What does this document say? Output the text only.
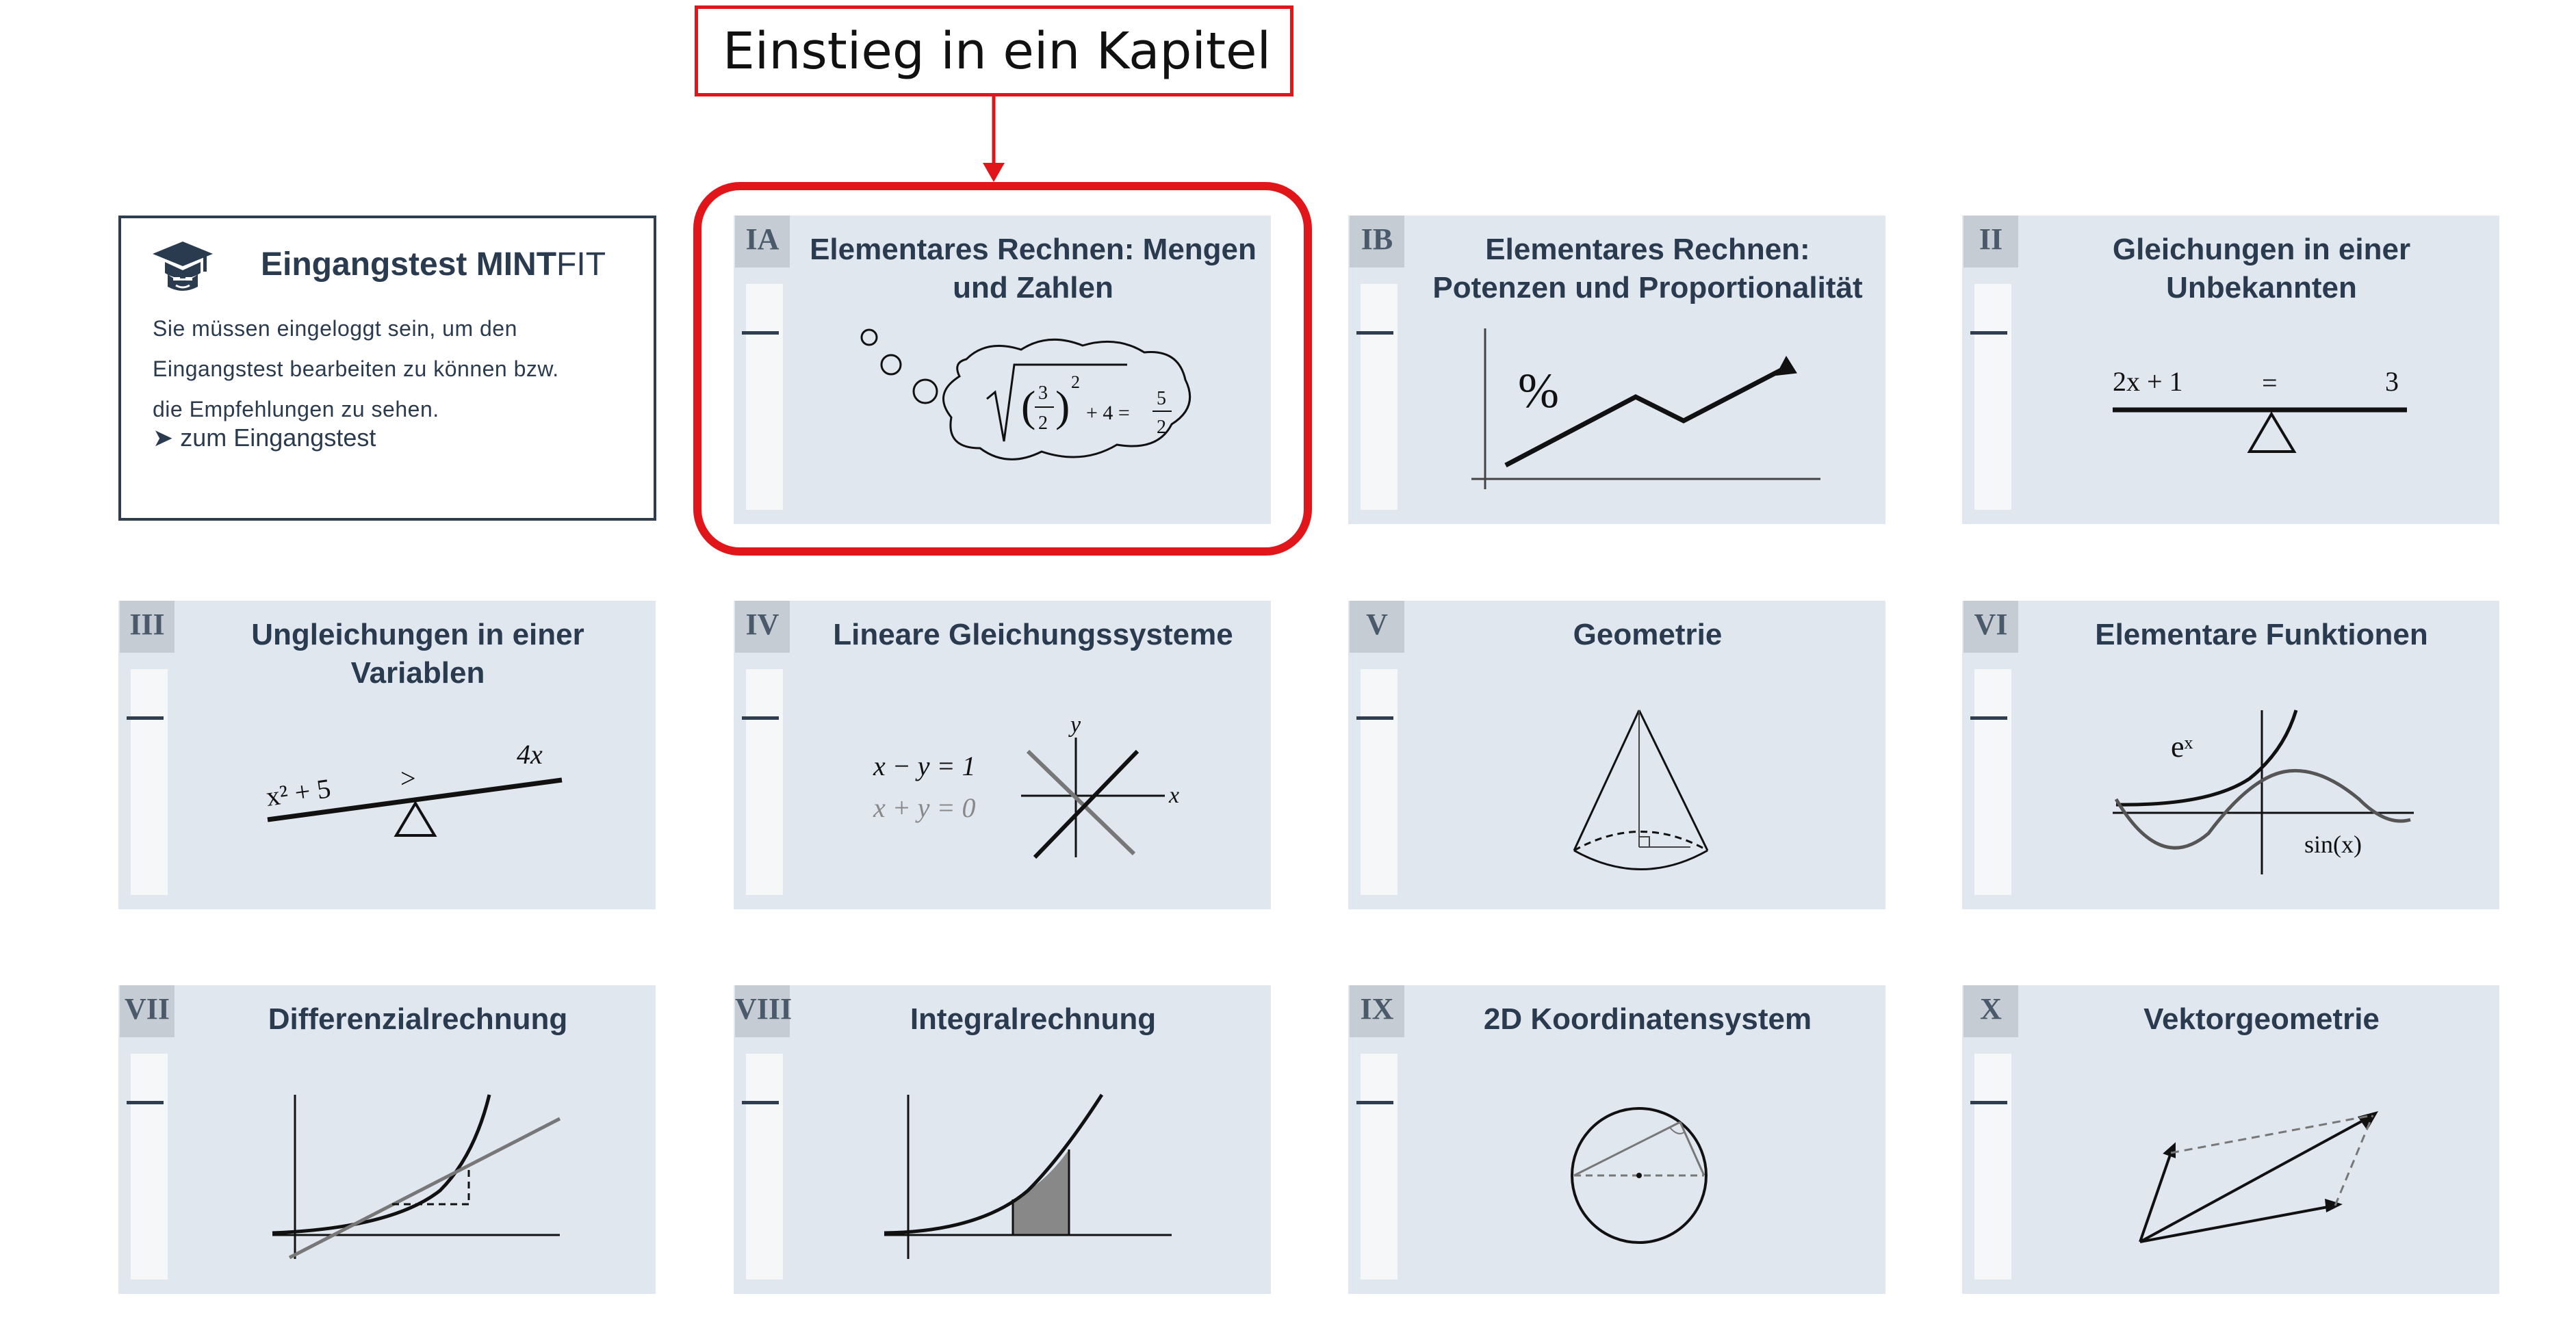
Einstieg in ein Kapitel
Eingangstest MINTFIT
Sie müssen eingeloggt sein, um den
Eingangstest bearbeiten zu können bzw.
die Empfehlungen zu sehen.
➤ zum Eingangstest
IA	Elementares Rechnen: Mengen und Zahlen
( 3
2 ) 2
+ 4 =
5
2
IB	Elementares Rechnen: Potenzen und Proportionalität
%
II	Gleichungen in einer Unbekannten
2x + 1	=	3
III	Ungleichungen in einer Variablen
x² + 5 >
4x
IV	Lineare Gleichungssysteme
x − y = 1
x + y = 0	x
y
V	Geometrie	VI	Elementare Funktionen
eˣ
sin(x)
VII	Differenzialrechnung	VIII	Integralrechnung	IX	2D Koordinatensystem	X	Vektorgeometrie
